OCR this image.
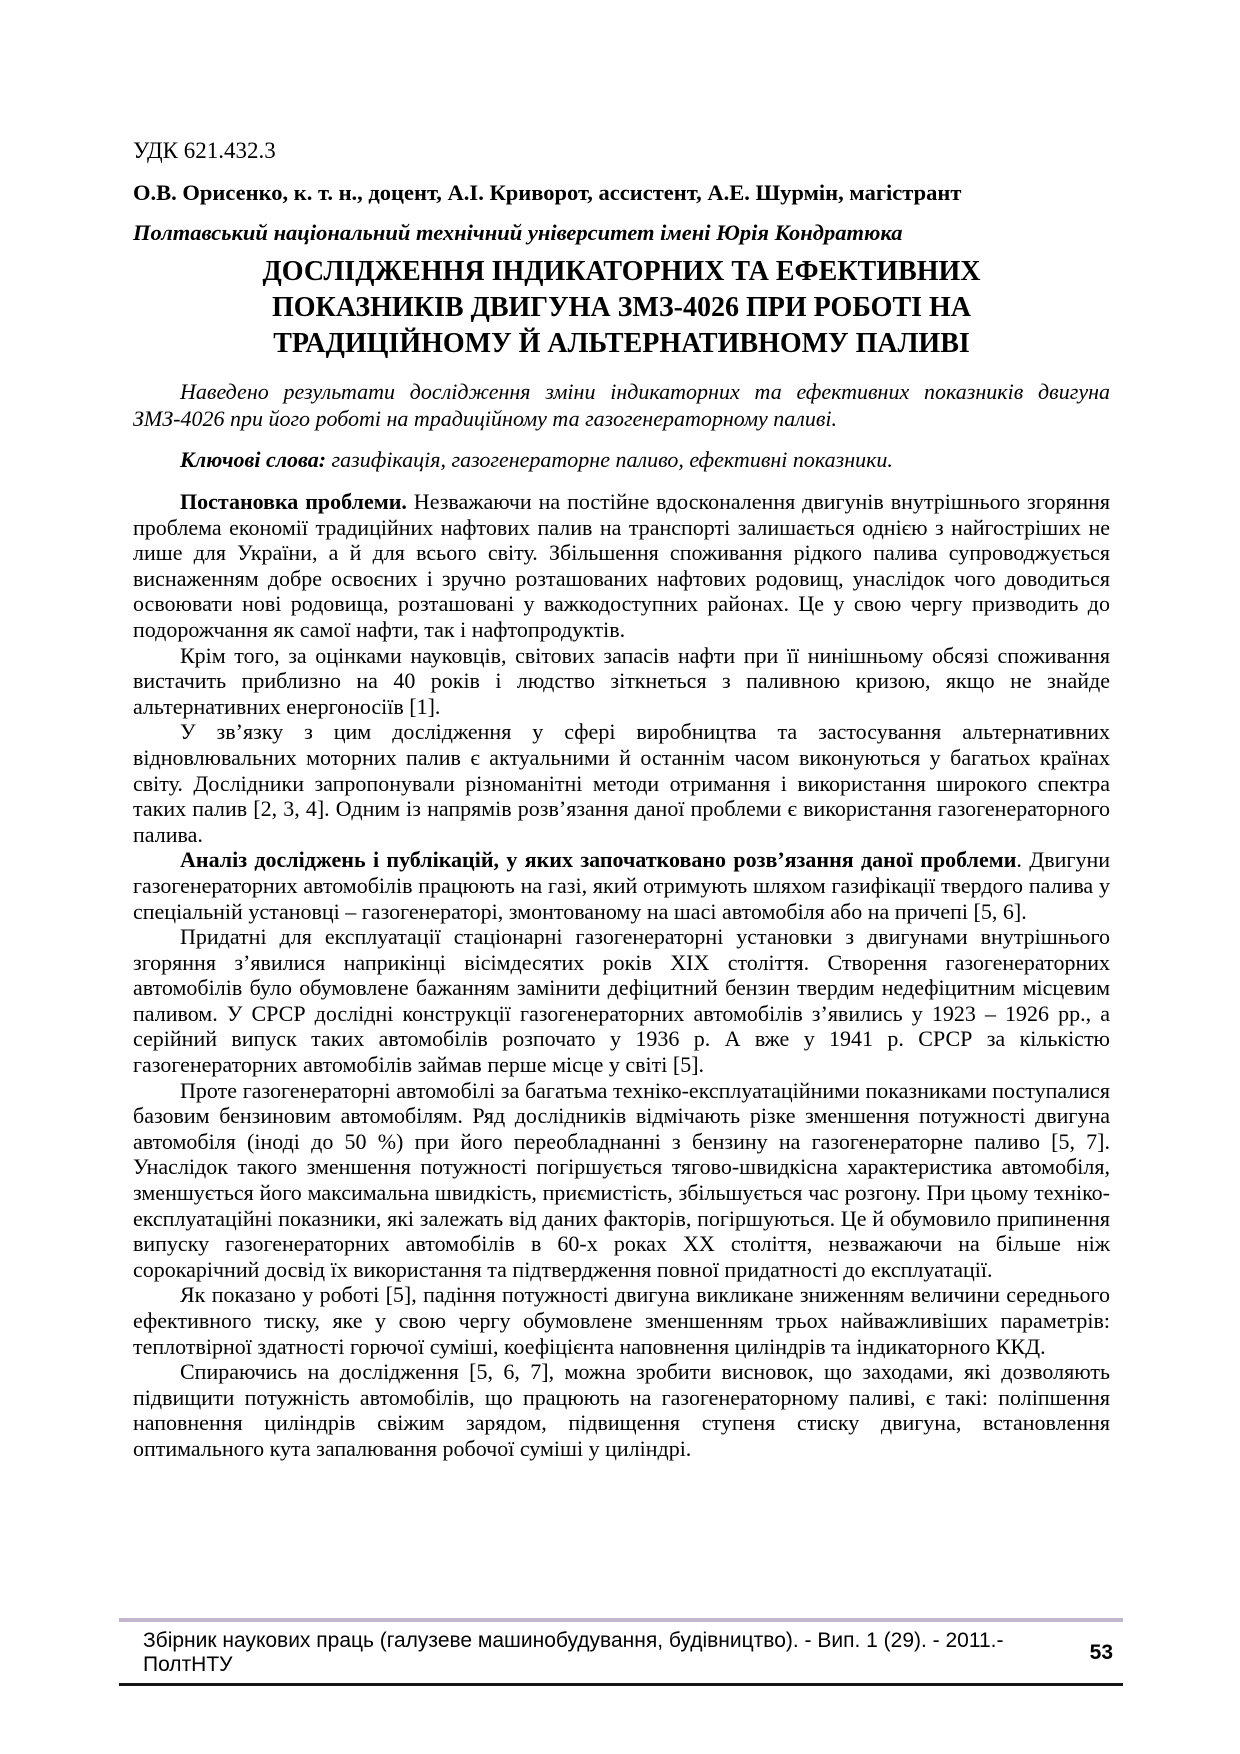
УДК 621.432.3

О.В. Орисенко, к. т. н., доцент, А.І. Криворот, ассистент, А.Е. Шурмін, магістрант

Полтавський національний технічний університет імені Юрія Кондратюка

ДОСЛІДЖЕННЯ ІНДИКАТОРНИХ ТА ЕФЕКТИВНИХ
ПОКАЗНИКІВ ДВИГУНА ЗМЗ-4026 ПРИ РОБОТІ НА
ТРАДИЦІЙНОМУ Й АЛЬТЕРНАТИВНОМУ ПАЛИВІ

Наведено результати дослідження зміни індикаторних та ефективних показників двигуна ЗМЗ-4026 при його роботі на традиційному та газогенераторному паливі.

Ключові слова: газифікація, газогенераторне паливо, ефективні показники.

Постановка проблеми. Незважаючи на постійне вдосконалення двигунів внутрішнього згоряння проблема економії традиційних нафтових палив на транспорті залишається однією з найгостріших не лише для України, а й для всього світу. Збільшення споживання рідкого палива супроводжується виснаженням добре освоєних і зручно розташованих нафтових родовищ, унаслідок чого доводиться освоювати нові родовища, розташовані у важкодоступних районах. Це у свою чергу призводить до подорожчання як самої нафти, так і нафтопродуктів.

Крім того, за оцінками науковців, світових запасів нафти при її нинішньому обсязі споживання вистачить приблизно на 40 років і людство зіткнеться з паливною кризою, якщо не знайде альтернативних енергоносіїв [1].

У зв’язку з цим дослідження у сфері виробництва та застосування альтернативних відновлювальних моторних палив є актуальними й останнім часом виконуються у багатьох країнах світу. Дослідники запропонували різноманітні методи отримання і використання широкого спектра таких палив [2, 3, 4]. Одним із напрямів розв’язання даної проблеми є використання газогенераторного палива.

Аналіз досліджень і публікацій, у яких започатковано розв’язання даної проблеми. Двигуни газогенераторних автомобілів працюють на газі, який отримують шляхом газифікації твердого палива у спеціальній установці – газогенераторі, змонтованому на шасі автомобіля або на причепі [5, 6].

Придатні для експлуатації стаціонарні газогенераторні установки з двигунами внутрішнього згоряння з’явилися наприкінці вісімдесятих років XIX століття. Створення газогенераторних автомобілів було обумовлене бажанням замінити дефіцитний бензин твердим недефіцитним місцевим паливом. У СРСР дослідні конструкції газогенераторних автомобілів з’явились у 1923 – 1926 рр., а серійний випуск таких автомобілів розпочато у 1936 р. А вже у 1941 р. СРСР за кількістю газогенераторних автомобілів займав перше місце у світі [5].

Проте газогенераторні автомобілі за багатьма техніко-експлуатаційними показниками поступалися базовим бензиновим автомобілям. Ряд дослідників відмічають різке зменшення потужності двигуна автомобіля (іноді до 50 %) при його переобладнанні з бензину на газогенераторне паливо [5, 7]. Унаслідок такого зменшення потужності погіршується тягово-швидкісна характеристика автомобіля, зменшується його максимальна швидкість, приємистість, збільшується час розгону. При цьому техніко-експлуатаційні показники, які залежать від даних факторів, погіршуються. Це й обумовило припинення випуску газогенераторних автомобілів в 60-х роках ХХ століття, незважаючи на більше ніж сорокарічний досвід їх використання та підтвердження повної придатності до експлуатації.

Як показано у роботі [5], падіння потужності двигуна викликане зниженням величини середнього ефективного тиску, яке у свою чергу обумовлене зменшенням трьох найважливіших параметрів: теплотвірної здатності горючої суміші, коефіцієнта наповнення циліндрів та індикаторного ККД.

Спираючись на дослідження [5, 6, 7], можна зробити висновок, що заходами, які дозволяють підвищити потужність автомобілів, що працюють на газогенераторному паливі, є такі: поліпшення наповнення циліндрів свіжим зарядом, підвищення ступеня стиску двигуна, встановлення оптимального кута запалювання робочої суміші у циліндрі.

Збірник наукових праць (галузеве машинобудування, будівництво). - Вип. 1 (29). - 2011.-ПолтНТУ
53
